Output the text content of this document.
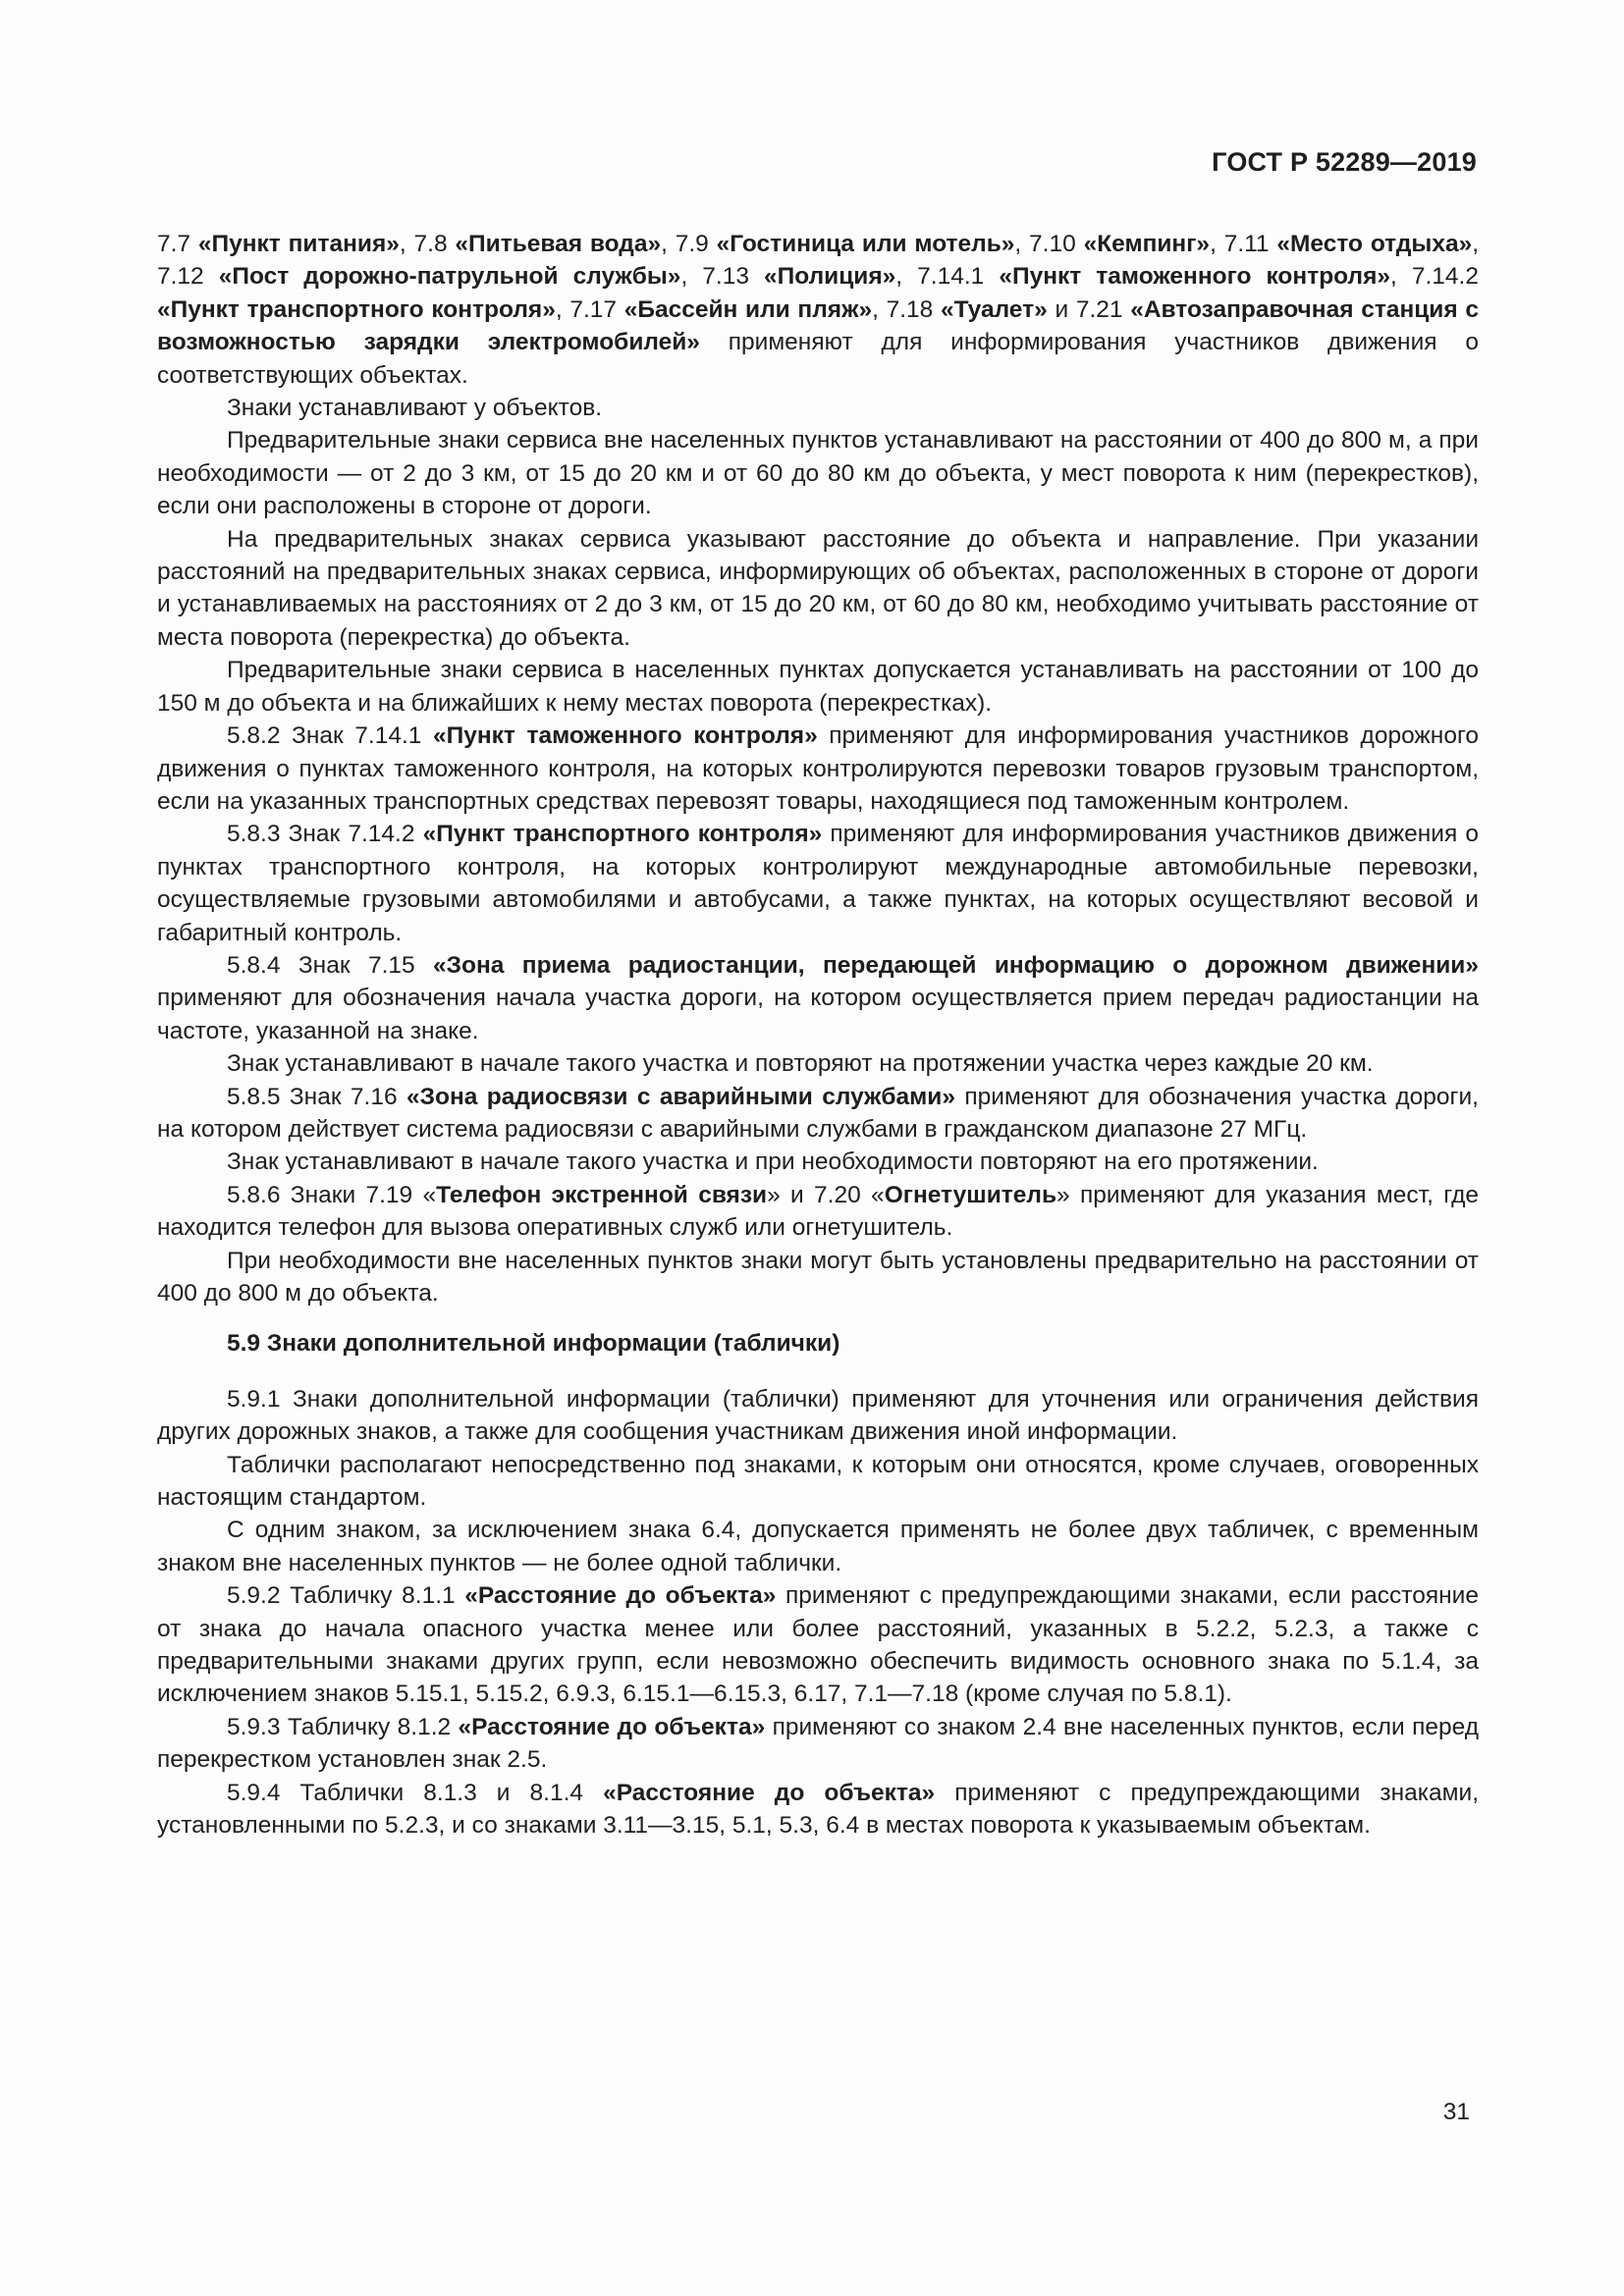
ГОСТ Р 52289—2019

7.7 «Пункт питания», 7.8 «Питьевая вода», 7.9 «Гостиница или мотель», 7.10 «Кемпинг», 7.11 «Место отдыха», 7.12 «Пост дорожно-патрульной службы», 7.13 «Полиция», 7.14.1 «Пункт таможенного контроля», 7.14.2 «Пункт транспортного контроля», 7.17 «Бассейн или пляж», 7.18 «Туалет» и 7.21 «Автозаправочная станция с возможностью зарядки электромобилей» применяют для информирования участников движения о соответствующих объектах.

Знаки устанавливают у объектов.

Предварительные знаки сервиса вне населенных пунктов устанавливают на расстоянии от 400 до 800 м, а при необходимости — от 2 до 3 км, от 15 до 20 км и от 60 до 80 км до объекта, у мест поворота к ним (перекрестков), если они расположены в стороне от дороги.

На предварительных знаках сервиса указывают расстояние до объекта и направление. При указании расстояний на предварительных знаках сервиса, информирующих об объектах, расположенных в стороне от дороги и устанавливаемых на расстояниях от 2 до 3 км, от 15 до 20 км, от 60 до 80 км, необходимо учитывать расстояние от места поворота (перекрестка) до объекта.

Предварительные знаки сервиса в населенных пунктах допускается устанавливать на расстоянии от 100 до 150 м до объекта и на ближайших к нему местах поворота (перекрестках).

5.8.2 Знак 7.14.1 «Пункт таможенного контроля» применяют для информирования участников дорожного движения о пунктах таможенного контроля, на которых контролируются перевозки товаров грузовым транспортом, если на указанных транспортных средствах перевозят товары, находящиеся под таможенным контролем.

5.8.3 Знак 7.14.2 «Пункт транспортного контроля» применяют для информирования участников движения о пунктах транспортного контроля, на которых контролируют международные автомобильные перевозки, осуществляемые грузовыми автомобилями и автобусами, а также пунктах, на которых осуществляют весовой и габаритный контроль.

5.8.4 Знак 7.15 «Зона приема радиостанции, передающей информацию о дорожном движении» применяют для обозначения начала участка дороги, на котором осуществляется прием передач радиостанции на частоте, указанной на знаке.

Знак устанавливают в начале такого участка и повторяют на протяжении участка через каждые 20 км.

5.8.5 Знак 7.16 «Зона радиосвязи с аварийными службами» применяют для обозначения участка дороги, на котором действует система радиосвязи с аварийными службами в гражданском диапазоне 27 МГц.

Знак устанавливают в начале такого участка и при необходимости повторяют на его протяжении.

5.8.6 Знаки 7.19 «Телефон экстренной связи» и 7.20 «Огнетушитель» применяют для указания мест, где находится телефон для вызова оперативных служб или огнетушитель.

При необходимости вне населенных пунктов знаки могут быть установлены предварительно на расстоянии от 400 до 800 м до объекта.

5.9 Знаки дополнительной информации (таблички)

5.9.1 Знаки дополнительной информации (таблички) применяют для уточнения или ограничения действия других дорожных знаков, а также для сообщения участникам движения иной информации.

Таблички располагают непосредственно под знаками, к которым они относятся, кроме случаев, оговоренных настоящим стандартом.

С одним знаком, за исключением знака 6.4, допускается применять не более двух табличек, с временным знаком вне населенных пунктов — не более одной таблички.

5.9.2 Табличку 8.1.1 «Расстояние до объекта» применяют с предупреждающими знаками, если расстояние от знака до начала опасного участка менее или более расстояний, указанных в 5.2.2, 5.2.3, а также с предварительными знаками других групп, если невозможно обеспечить видимость основного знака по 5.1.4, за исключением знаков 5.15.1, 5.15.2, 6.9.3, 6.15.1—6.15.3, 6.17, 7.1—7.18 (кроме случая по 5.8.1).

5.9.3 Табличку 8.1.2 «Расстояние до объекта» применяют со знаком 2.4 вне населенных пунктов, если перед перекрестком установлен знак 2.5.

5.9.4 Таблички 8.1.3 и 8.1.4 «Расстояние до объекта» применяют с предупреждающими знаками, установленными по 5.2.3, и со знаками 3.11—3.15, 5.1, 5.3, 6.4 в местах поворота к указываемым объектам.

31
